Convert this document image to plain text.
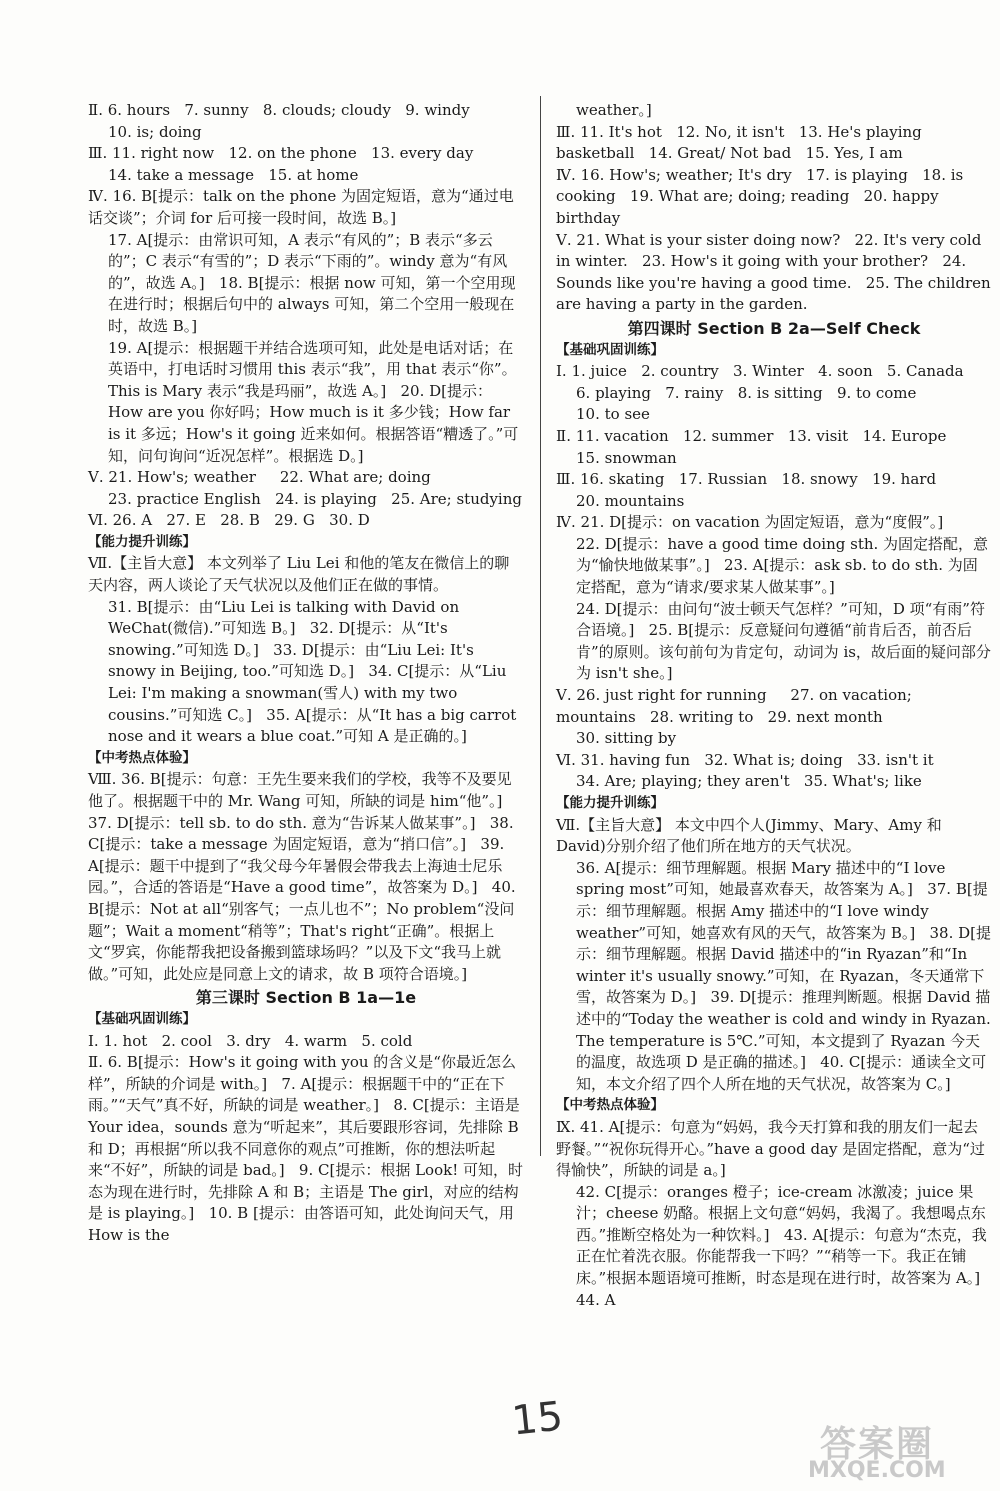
Ⅱ. 6. hours   7. sunny   8. clouds; cloudy   9. windy
10. is; doing
Ⅲ. 11. right now   12. on the phone   13. every day
14. take a message   15. at home
Ⅳ. 16. B[提示：talk on the phone 为固定短语，意为“通过电话交谈”；介词 for 后可接一段时间，故选 B。]
17. A[提示：由常识可知，A 表示“有风的”；B 表示“多云的”；C 表示“有雪的”；D 表示“下雨的”。windy 意为“有风的”，故选 A。]   18. B[提示：根据 now 可知，第一个空用现在进行时；根据后句中的 always 可知，第二个空用一般现在时，故选 B。]
19. A[提示：根据题干并结合选项可知，此处是电话对话；在英语中，打电话时习惯用 this 表示“我”，用 that 表示“你”。This is Mary 表示“我是玛丽”，故选 A。]   20. D[提示：How are you 你好吗；How much is it 多少钱；How far is it 多远；How's it going 近来如何。根据答语“糟透了。”可知，问句询问“近况怎样”。根据选 D。]
Ⅴ. 21. How's; weather     22. What are; doing
23. practice English   24. is playing   25. Are; studying
Ⅵ. 26. A   27. E   28. B   29. G   30. D
【能力提升训练】
Ⅶ.【主旨大意】 本文列举了 Liu Lei 和他的笔友在微信上的聊天内容，两人谈论了天气状况以及他们正在做的事情。
31. B[提示：由“Liu Lei is talking with David on WeChat(微信).”可知选 B。]   32. D[提示：从“It's snowing.”可知选 D。]   33. D[提示：由“Liu Lei: It's snowy in Beijing, too.”可知选 D。]   34. C[提示：从“Liu Lei: I'm making a snowman(雪人) with my two cousins.”可知选 C。]   35. A[提示：从“It has a big carrot nose and it wears a blue coat.”可知 A 是正确的。]
【中考热点体验】
Ⅷ. 36. B[提示：句意：王先生要来我们的学校，我等不及要见他了。根据题干中的 Mr. Wang 可知，所缺的词是 him“他”。]   37. D[提示：tell sb. to do sth. 意为“告诉某人做某事”。]   38. C[提示：take a message 为固定短语，意为“捎口信”。]   39. A[提示：题干中提到了“我父母今年暑假会带我去上海迪士尼乐园。”，合适的答语是“Have a good time”，故答案为 D。]   40. B[提示：Not at all“别客气；一点儿也不”；No problem“没问题”；Wait a moment“稍等”；That's right“正确”。根据上文“罗宾，你能帮我把设备搬到篮球场吗？”以及下文“我马上就做。”可知，此处应是同意上文的请求，故 B 项符合语境。]
第三课时 Section B 1a—1e
【基础巩固训练】
Ⅰ. 1. hot   2. cool   3. dry   4. warm   5. cold
Ⅱ. 6. B[提示：How's it going with you 的含义是“你最近怎么样”，所缺的介词是 with。]   7. A[提示：根据题干中的“正在下雨。”“天气”真不好，所缺的词是 weather。]   8. C[提示：主语是 Your idea，sounds 意为“听起来”，其后要跟形容词，先排除 B 和 D；再根据“所以我不同意你的观点”可推断，你的想法听起来“不好”，所缺的词是 bad。]   9. C[提示：根据 Look! 可知，时态为现在进行时，先排除 A 和 B；主语是 The girl，对应的结构是 is playing。]   10. B [提示：由答语可知，此处询问天气，用 How is the
weather。]
Ⅲ. 11. It's hot   12. No, it isn't   13. He's playing basketball   14. Great/ Not bad   15. Yes, I am
Ⅳ. 16. How's; weather; It's dry   17. is playing   18. is cooking   19. What are; doing; reading   20. happy birthday
Ⅴ. 21. What is your sister doing now?   22. It's very cold in winter.   23. How's it going with your brother?   24. Sounds like you're having a good time.   25. The children are having a party in the garden.
第四课时 Section B 2a—Self Check
【基础巩固训练】
Ⅰ. 1. juice   2. country   3. Winter   4. soon   5. Canada
6. playing   7. rainy   8. is sitting   9. to come
10. to see
Ⅱ. 11. vacation   12. summer   13. visit   14. Europe
15. snowman
Ⅲ. 16. skating   17. Russian   18. snowy   19. hard
20. mountains
Ⅳ. 21. D[提示：on vacation 为固定短语，意为“度假”。]
22. D[提示：have a good time doing sth. 为固定搭配，意为“愉快地做某事”。]   23. A[提示：ask sb. to do sth. 为固定搭配，意为“请求/要求某人做某事”。]
24. D[提示：由问句“波士顿天气怎样？”可知，D 项“有雨”符合语境。]   25. B[提示：反意疑问句遵循“前肯后否，前否后肯”的原则。该句前句为肯定句，动词为 is，故后面的疑问部分为 isn't she。]
Ⅴ. 26. just right for running     27. on vacation; mountains   28. writing to   29. next month
30. sitting by
Ⅵ. 31. having fun   32. What is; doing   33. isn't it
34. Are; playing; they aren't   35. What's; like
【能力提升训练】
Ⅶ.【主旨大意】 本文中四个人(Jimmy、Mary、Amy 和 David)分别介绍了他们所在地方的天气状况。
36. A[提示：细节理解题。根据 Mary 描述中的“I love spring most”可知，她最喜欢春天，故答案为 A。]   37. B[提示：细节理解题。根据 Amy 描述中的“I love windy weather”可知，她喜欢有风的天气，故答案为 B。]   38. D[提示：细节理解题。根据 David 描述中的“in Ryazan”和“In winter it's usually snowy.”可知，在 Ryazan，冬天通常下雪，故答案为 D。]   39. D[提示：推理判断题。根据 David 描述中的“Today the weather is cold and windy in Ryazan. The temperature is 5℃.”可知，本文提到了 Ryazan 今天的温度，故选项 D 是正确的描述。]   40. C[提示：通读全文可知，本文介绍了四个人所在地的天气状况，故答案为 C。]
【中考热点体验】
Ⅸ. 41. A[提示：句意为“妈妈，我今天打算和我的朋友们一起去野餐。”“祝你玩得开心。”have a good day 是固定搭配，意为“过得愉快”，所缺的词是 a。]
42. C[提示：oranges 橙子；ice-cream 冰激凌；juice 果汁；cheese 奶酪。根据上文句意“妈妈，我渴了。我想喝点东西。”推断空格处为一种饮料。]   43. A[提示：句意为“杰克，我正在忙着洗衣服。你能帮我一下吗？”“稍等一下。我正在铺床。”根据本题语境可推断，时态是现在进行时，故答案为 A。]   44. A
15	答案圈
MXQE.COM
